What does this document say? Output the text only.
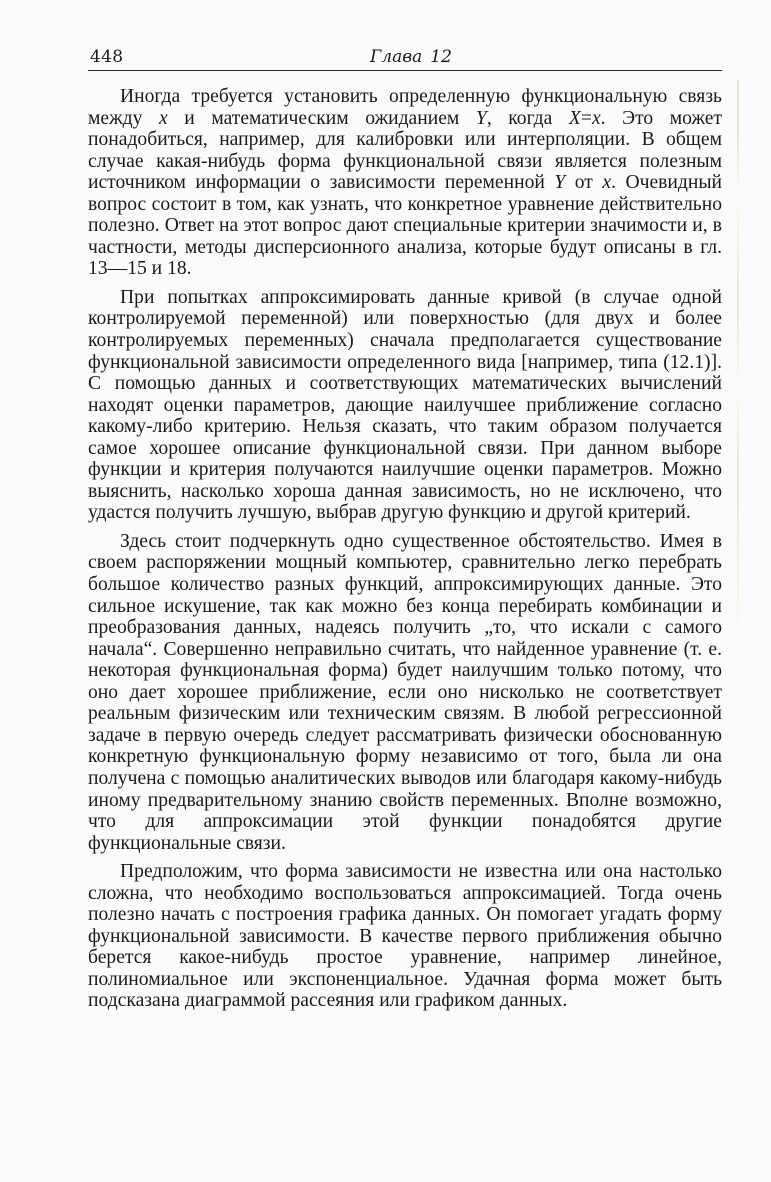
448	Глава 12

Иногда требуется установить определенную функциональную связь между x и математическим ожиданием Y, когда X=x. Это может понадобиться, например, для калибровки или интерполяции. В общем случае какая-нибудь форма функциональной связи является полезным источником информации о зависимости переменной Y от x. Очевидный вопрос состоит в том, как узнать, что конкретное уравнение действительно полезно. Ответ на этот вопрос дают специальные критерии значимости и, в частности, методы дисперсионного анализа, которые будут описаны в гл. 13—15 и 18.

При попытках аппроксимировать данные кривой (в случае одной контролируемой переменной) или поверхностью (для двух и более контролируемых переменных) сначала предполагается существование функциональной зависимости определенного вида [например, типа (12.1)]. С помощью данных и соответствующих математических вычислений находят оценки параметров, дающие наилучшее приближение согласно какому-либо критерию. Нельзя сказать, что таким образом получается самое хорошее описание функциональной связи. При данном выборе функции и критерия получаются наилучшие оценки параметров. Можно выяснить, насколько хороша данная зависимость, но не исключено, что удастся получить лучшую, выбрав другую функцию и другой критерий.

Здесь стоит подчеркнуть одно существенное обстоятельство. Имея в своем распоряжении мощный компьютер, сравнительно легко перебрать большое количество разных функций, аппроксимирующих данные. Это сильное искушение, так как можно без конца перебирать комбинации и преобразования данных, надеясь получить „то, что искали с самого начала“. Совершенно неправильно считать, что найденное уравнение (т. е. некоторая функциональная форма) будет наилучшим только потому, что оно дает хорошее приближение, если оно нисколько не соответствует реальным физическим или техническим связям. В любой регрессионной задаче в первую очередь следует рассматривать физически обоснованную конкретную функциональную форму независимо от того, была ли она получена с помощью аналитических выводов или благодаря какому-нибудь иному предварительному знанию свойств переменных. Вполне возможно, что для аппроксимации этой функции понадобятся другие функциональные связи.

Предположим, что форма зависимости не известна или она настолько сложна, что необходимо воспользоваться аппроксимацией. Тогда очень полезно начать с построения графика данных. Он помогает угадать форму функциональной зависимости. В качестве первого приближения обычно берется какое-нибудь простое уравнение, например линейное, полиномиальное или экспоненциальное. Удачная форма может быть подсказана диаграммой рассеяния или графиком данных.
